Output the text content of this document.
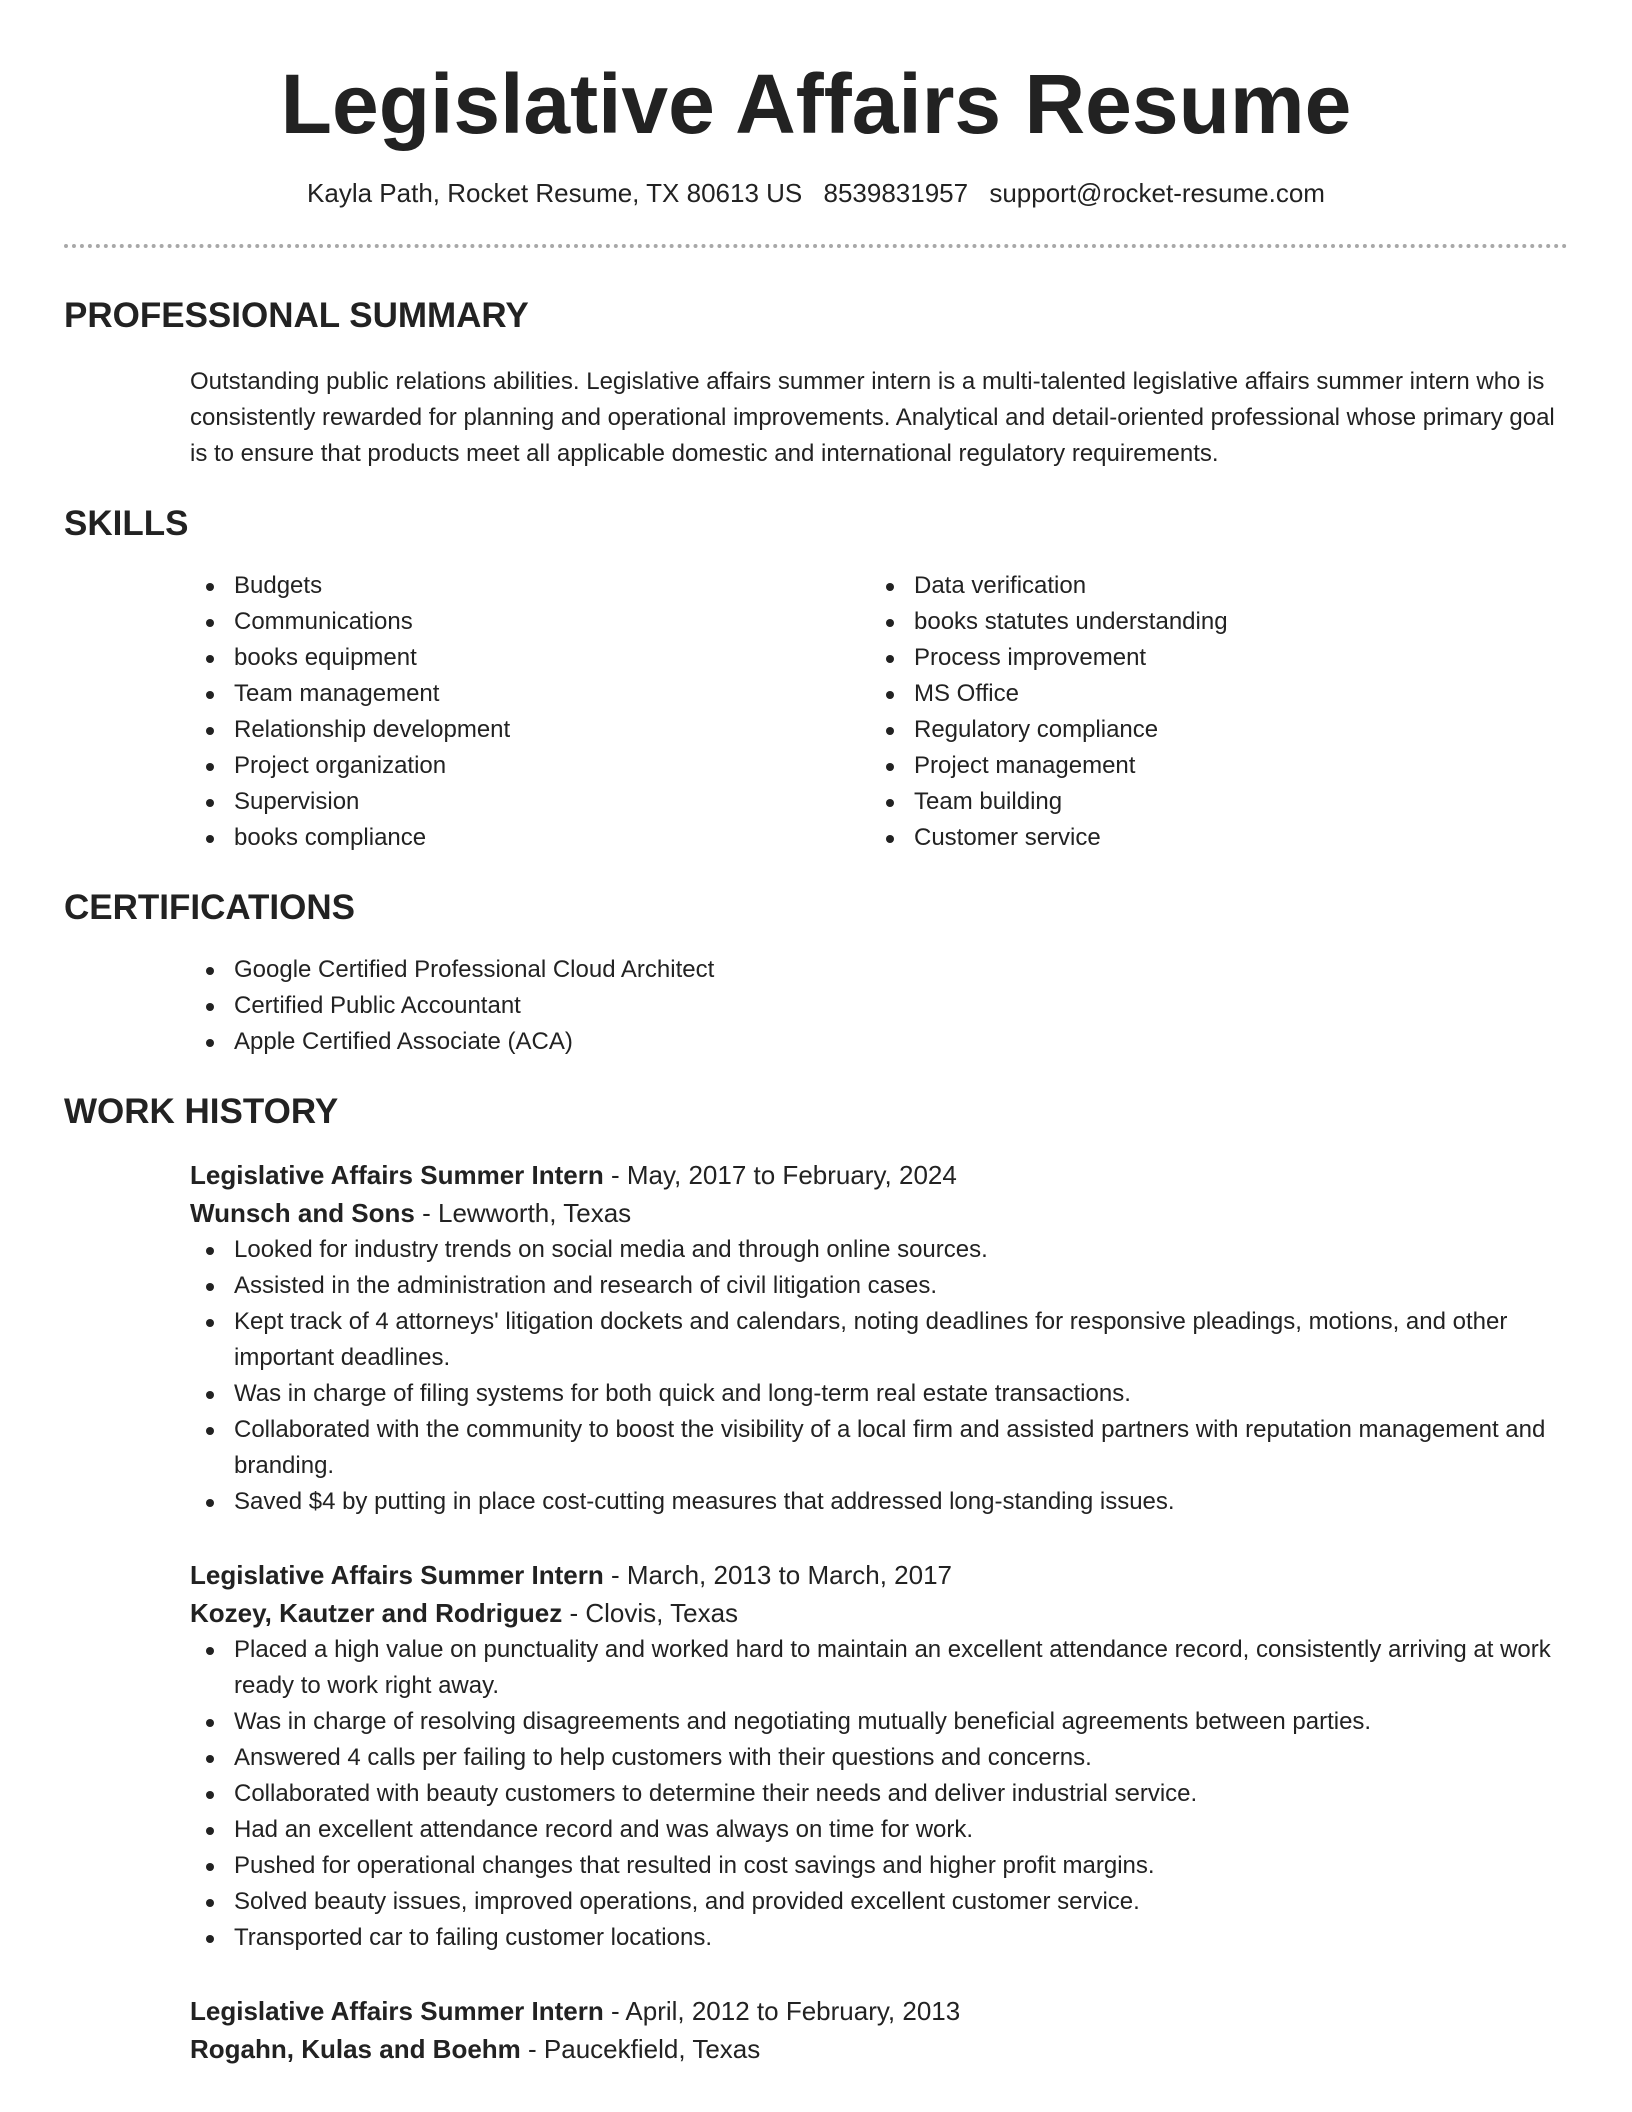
Legislative Affairs Resume
Kayla Path, Rocket Resume, TX 80613 US 8539831957 support@rocket-resume.com
PROFESSIONAL SUMMARY
Outstanding public relations abilities. Legislative affairs summer intern is a multi-talented legislative affairs summer intern who is consistently rewarded for planning and operational improvements. Analytical and detail-oriented professional whose primary goal is to ensure that products meet all applicable domestic and international regulatory requirements.
SKILLS
Budgets
Communications
books equipment
Team management
Relationship development
Project organization
Supervision
books compliance
Data verification
books statutes understanding
Process improvement
MS Office
Regulatory compliance
Project management
Team building
Customer service
CERTIFICATIONS
Google Certified Professional Cloud Architect
Certified Public Accountant
Apple Certified Associate (ACA)
WORK HISTORY
Legislative Affairs Summer Intern - May, 2017 to February, 2024
Wunsch and Sons - Lewworth, Texas
Looked for industry trends on social media and through online sources.
Assisted in the administration and research of civil litigation cases.
Kept track of 4 attorneys' litigation dockets and calendars, noting deadlines for responsive pleadings, motions, and other important deadlines.
Was in charge of filing systems for both quick and long-term real estate transactions.
Collaborated with the community to boost the visibility of a local firm and assisted partners with reputation management and branding.
Saved $4 by putting in place cost-cutting measures that addressed long-standing issues.
Legislative Affairs Summer Intern - March, 2013 to March, 2017
Kozey, Kautzer and Rodriguez - Clovis, Texas
Placed a high value on punctuality and worked hard to maintain an excellent attendance record, consistently arriving at work ready to work right away.
Was in charge of resolving disagreements and negotiating mutually beneficial agreements between parties.
Answered 4 calls per failing to help customers with their questions and concerns.
Collaborated with beauty customers to determine their needs and deliver industrial service.
Had an excellent attendance record and was always on time for work.
Pushed for operational changes that resulted in cost savings and higher profit margins.
Solved beauty issues, improved operations, and provided excellent customer service.
Transported car to failing customer locations.
Legislative Affairs Summer Intern - April, 2012 to February, 2013
Rogahn, Kulas and Boehm - Paucekfield, Texas
